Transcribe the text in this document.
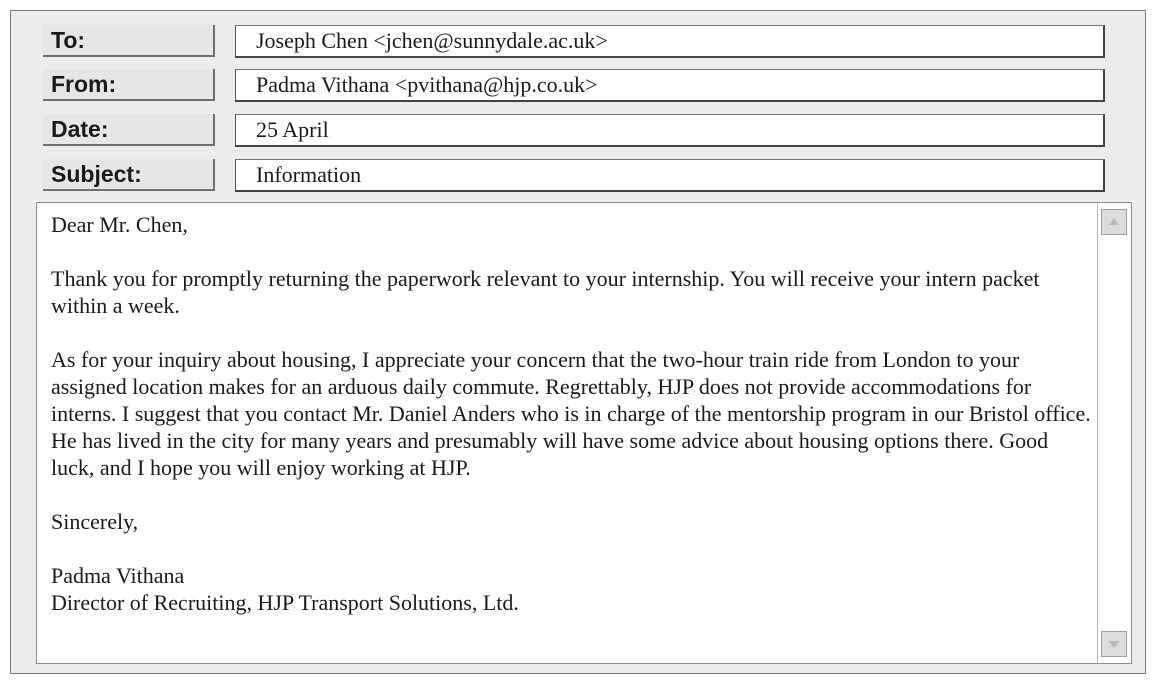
To:	Joseph Chen <jchen@sunnydale.ac.uk>
From:	Padma Vithana <pvithana@hjp.co.uk>
Date:	25 April
Subject:	Information

Dear Mr. Chen,

Thank you for promptly returning the paperwork relevant to your internship. You will receive your intern packet within a week.

As for your inquiry about housing, I appreciate your concern that the two-hour train ride from London to your assigned location makes for an arduous daily commute. Regrettably, HJP does not provide accommodations for interns. I suggest that you contact Mr. Daniel Anders who is in charge of the mentorship program in our Bristol office. He has lived in the city for many years and presumably will have some advice about housing options there. Good luck, and I hope you will enjoy working at HJP.

Sincerely,

Padma Vithana

Director of Recruiting, HJP Transport Solutions, Ltd.
